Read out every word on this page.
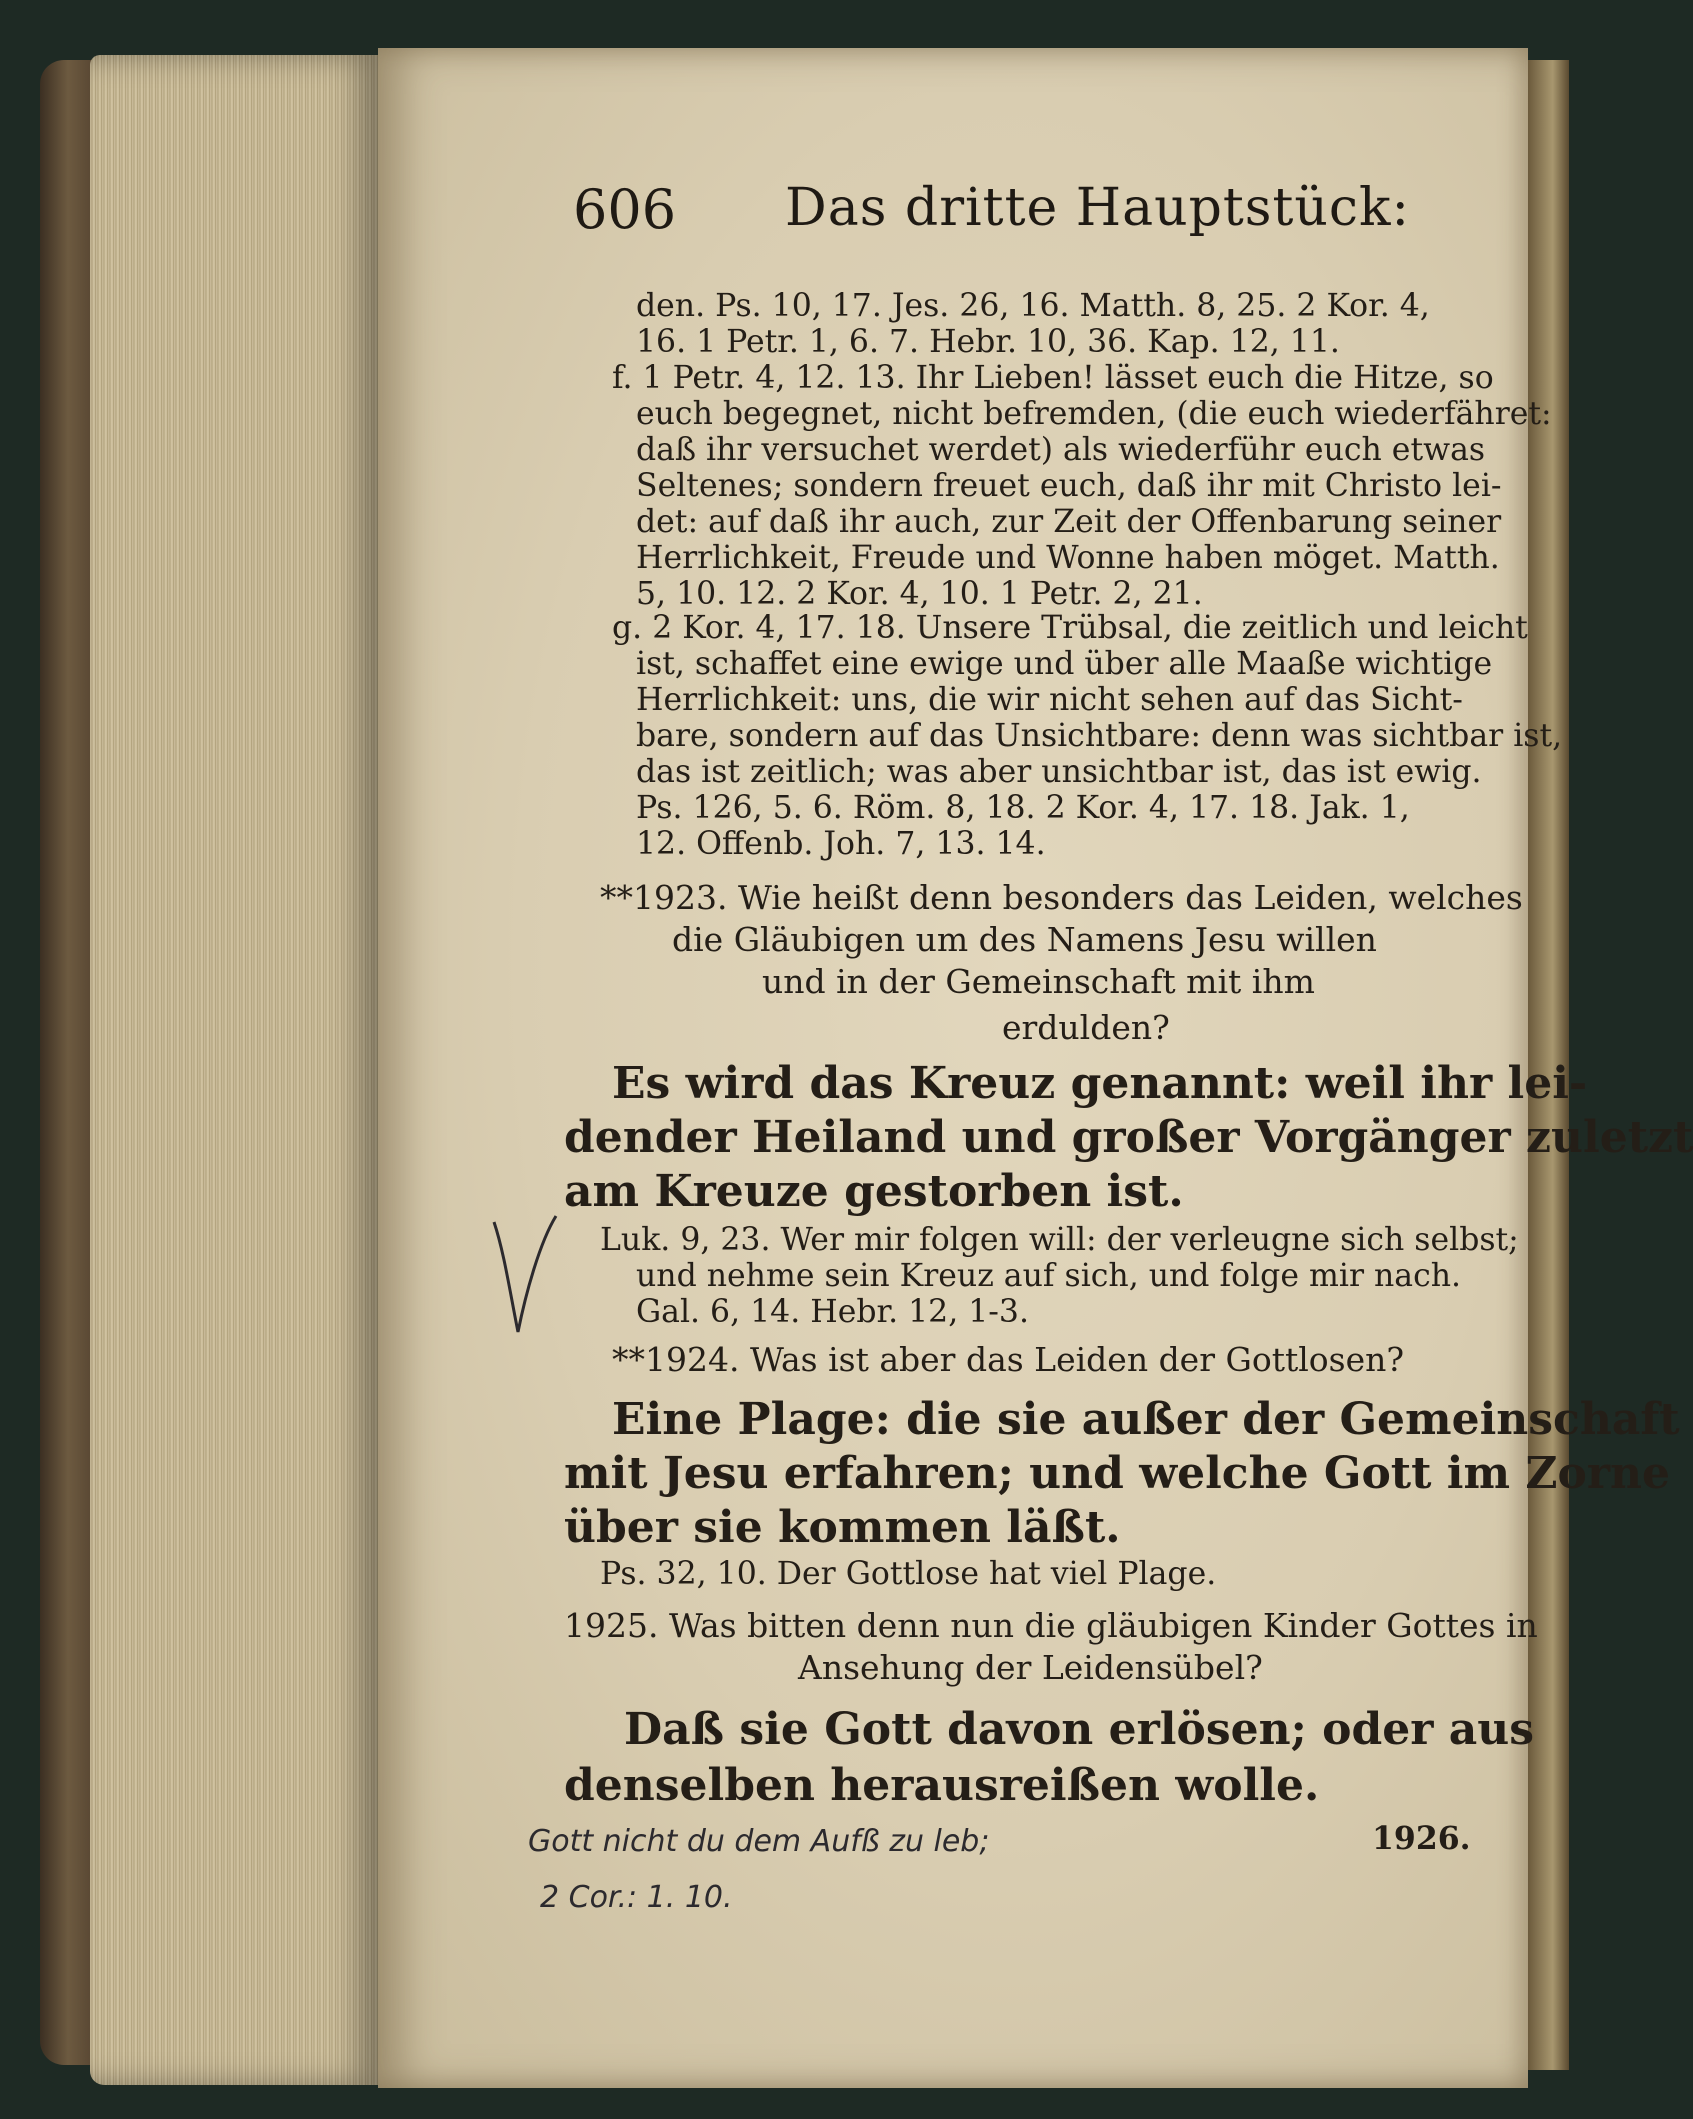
606 Das dritte Hauptstück:
den. Ps. 10, 17. Jes. 26, 16. Matth. 8, 25. 2 Kor. 4,
16. 1 Petr. 1, 6. 7. Hebr. 10, 36. Kap. 12, 11.
f. 1 Petr. 4, 12. 13. Ihr Lieben! lässet euch die Hitze, so
euch begegnet, nicht befremden, (die euch wiederfähret:
daß ihr versuchet werdet) als wiederführ euch etwas
Seltenes; sondern freuet euch, daß ihr mit Christo lei-
det: auf daß ihr auch, zur Zeit der Offenbarung seiner
Herrlichkeit, Freude und Wonne haben möget. Matth.
5, 10. 12. 2 Kor. 4, 10. 1 Petr. 2, 21.
g. 2 Kor. 4, 17. 18. Unsere Trübsal, die zeitlich und leicht
ist, schaffet eine ewige und über alle Maaße wichtige
Herrlichkeit: uns, die wir nicht sehen auf das Sicht-
bare, sondern auf das Unsichtbare: denn was sichtbar ist,
das ist zeitlich; was aber unsichtbar ist, das ist ewig.
Ps. 126, 5. 6. Röm. 8, 18. 2 Kor. 4, 17. 18. Jak. 1,
12. Offenb. Joh. 7, 13. 14.
**1923. Wie heißt denn besonders das Leiden, welches
die Gläubigen um des Namens Jesu willen
und in der Gemeinschaft mit ihm
erdulden?
Es wird das Kreuz genannt: weil ihr lei-
dender Heiland und großer Vorgänger zuletzt
am Kreuze gestorben ist.
Luk. 9, 23. Wer mir folgen will: der verleugne sich selbst;
und nehme sein Kreuz auf sich, und folge mir nach.
Gal. 6, 14. Hebr. 12, 1-3.
**1924. Was ist aber das Leiden der Gottlosen?
Eine Plage: die sie außer der Gemeinschaft
mit Jesu erfahren; und welche Gott im Zorne
über sie kommen läßt.
Ps. 32, 10. Der Gottlose hat viel Plage.
1925. Was bitten denn nun die gläubigen Kinder Gottes in
Ansehung der Leidensübel?
Daß sie Gott davon erlösen; oder aus
denselben herausreißen wolle.
Gott nicht du dem Aufß zu leb;
2 Cor.: 1. 10.
1926.
